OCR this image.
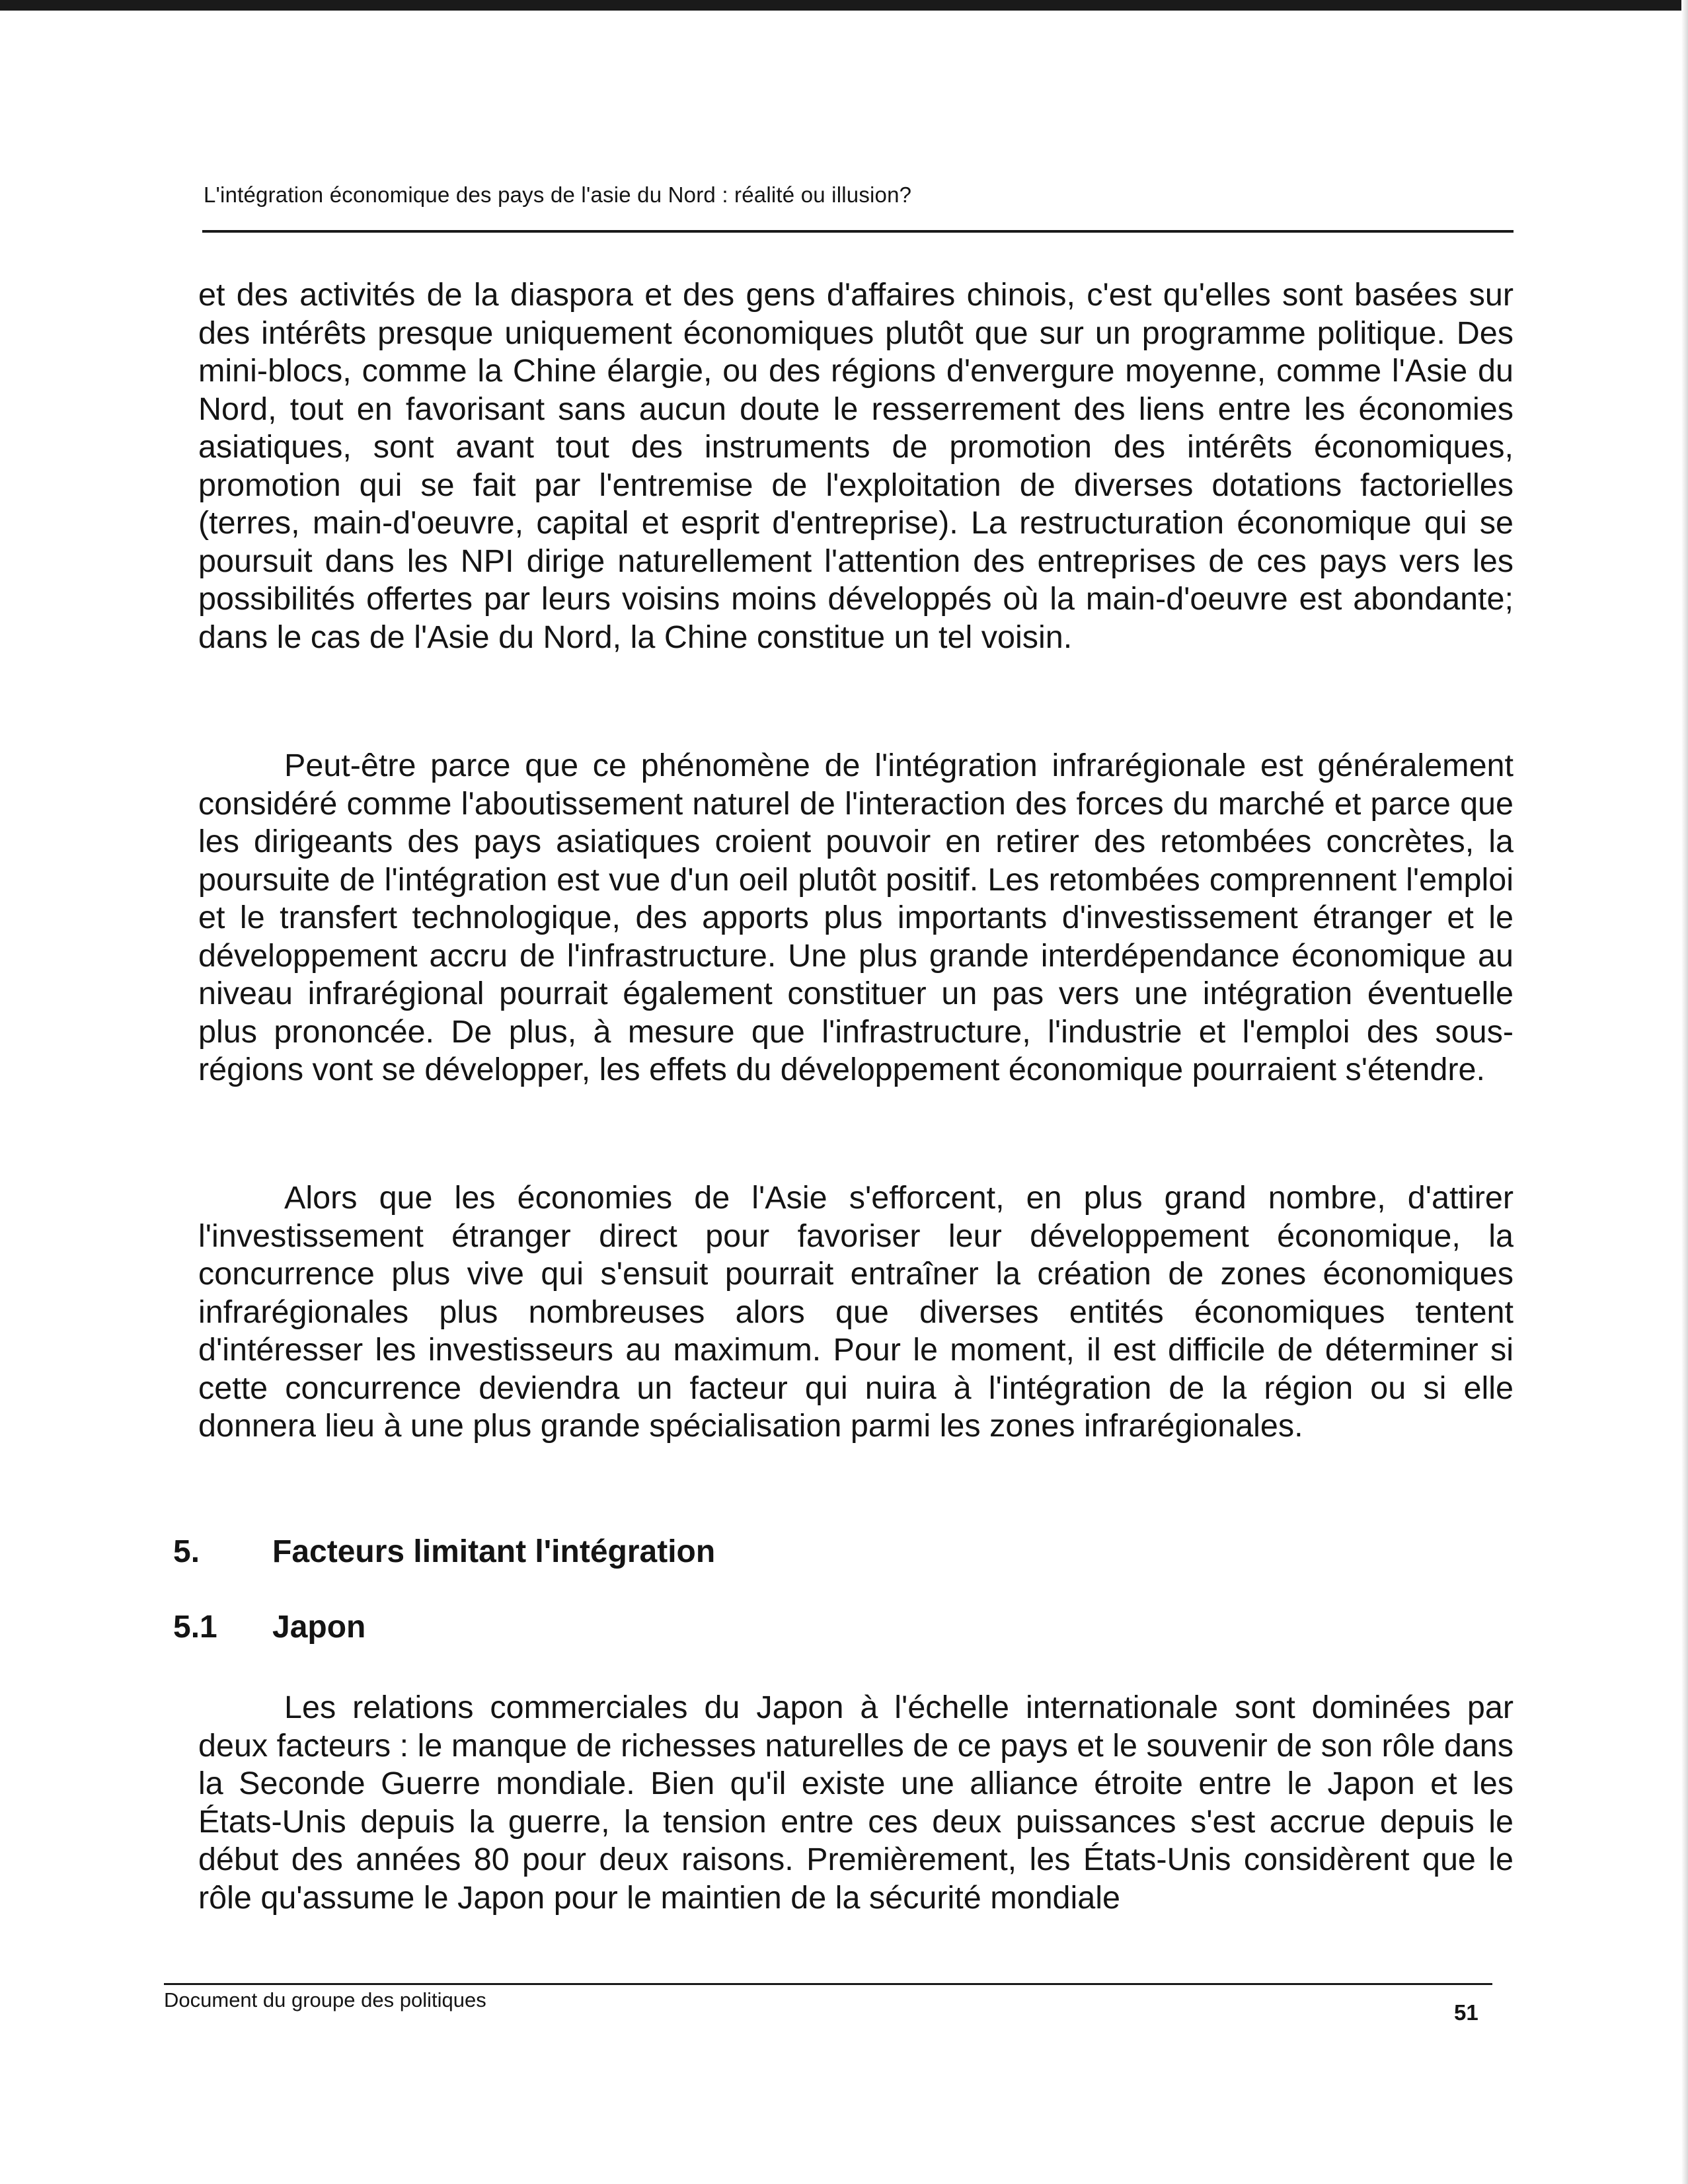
L'intégration économique des pays de l'asie du Nord : réalité ou illusion?

et des activités de la diaspora et des gens d'affaires chinois, c'est qu'elles sont basées sur des intérêts presque uniquement économiques plutôt que sur un programme politique. Des mini-blocs, comme la Chine élargie, ou des régions d'envergure moyenne, comme l'Asie du Nord, tout en favorisant sans aucun doute le resserrement des liens entre les économies asiatiques, sont avant tout des instruments de promotion des intérêts économiques, promotion qui se fait par l'entremise de l'exploitation de diverses dotations factorielles (terres, main-d'oeuvre, capital et esprit d'entreprise). La restructuration économique qui se poursuit dans les NPI dirige naturellement l'attention des entreprises de ces pays vers les possibilités offertes par leurs voisins moins développés où la main-d'oeuvre est abondante; dans le cas de l'Asie du Nord, la Chine constitue un tel voisin.

Peut-être parce que ce phénomène de l'intégration infrarégionale est généralement considéré comme l'aboutissement naturel de l'interaction des forces du marché et parce que les dirigeants des pays asiatiques croient pouvoir en retirer des retombées concrètes, la poursuite de l'intégration est vue d'un oeil plutôt positif. Les retombées comprennent l'emploi et le transfert technologique, des apports plus importants d'investissement étranger et le développement accru de l'infrastructure. Une plus grande interdépendance économique au niveau infrarégional pourrait également constituer un pas vers une intégration éventuelle plus prononcée. De plus, à mesure que l'infrastructure, l'industrie et l'emploi des sous-régions vont se développer, les effets du développement économique pourraient s'étendre.

Alors que les économies de l'Asie s'efforcent, en plus grand nombre, d'attirer l'investissement étranger direct pour favoriser leur développement économique, la concurrence plus vive qui s'ensuit pourrait entraîner la création de zones économiques infrarégionales plus nombreuses alors que diverses entités économiques tentent d'intéresser les investisseurs au maximum. Pour le moment, il est difficile de déterminer si cette concurrence deviendra un facteur qui nuira à l'intégration de la région ou si elle donnera lieu à une plus grande spécialisation parmi les zones infrarégionales.

5. Facteurs limitant l'intégration
5.1 Japon

Les relations commerciales du Japon à l'échelle internationale sont dominées par deux facteurs : le manque de richesses naturelles de ce pays et le souvenir de son rôle dans la Seconde Guerre mondiale. Bien qu'il existe une alliance étroite entre le Japon et les États-Unis depuis la guerre, la tension entre ces deux puissances s'est accrue depuis le début des années 80 pour deux raisons. Premièrement, les États-Unis considèrent que le rôle qu'assume le Japon pour le maintien de la sécurité mondiale

Document du groupe des politiques
51
